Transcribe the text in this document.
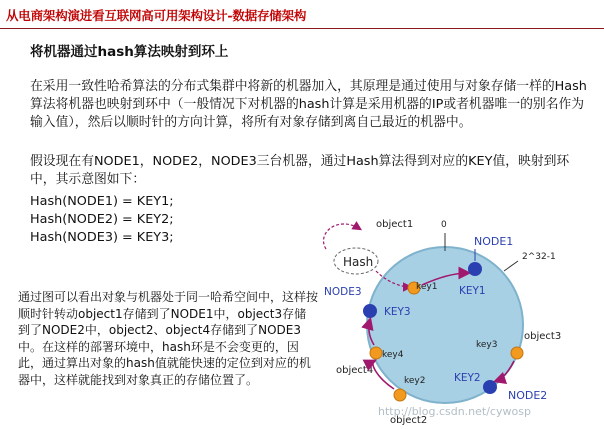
从电商架构演进看互联网高可用架构设计-数据存储架构
将机器通过hash算法映射到环上

在采用一致性哈希算法的分布式集群中将新的机器加入，其原理是通过使用与对象存储一样的Hash算法将机器也映射到环中（一般情况下对机器的hash计算是采用机器的IP或者机器唯一的别名作为输入值），然后以顺时针的方向计算，将所有对象存储到离自己最近的机器中。

假设现在有NODE1，NODE2，NODE3三台机器，通过Hash算法得到对应的KEY值，映射到环中，其示意图如下：

Hash(NODE1) = KEY1;
Hash(NODE2) = KEY2;
Hash(NODE3) = KEY3;

通过图可以看出对象与机器处于同一哈希空间中，这样按顺时针转动object1存储到了NODE1中，object3存储到了NODE2中，object2、object4存储到了NODE3中。在这样的部署环境中，hash环是不会变更的，因此，通过算出对象的hash值就能快速的定位到对应的机器中，这样就能找到对象真正的存储位置了。

0
2^32-1
Hash
object1
key1
NODE1
KEY1
NODE3
KEY3
key4
object4
key2
object2
key3
object3
KEY2
NODE2
http://blog.csdn.net/cywosp
